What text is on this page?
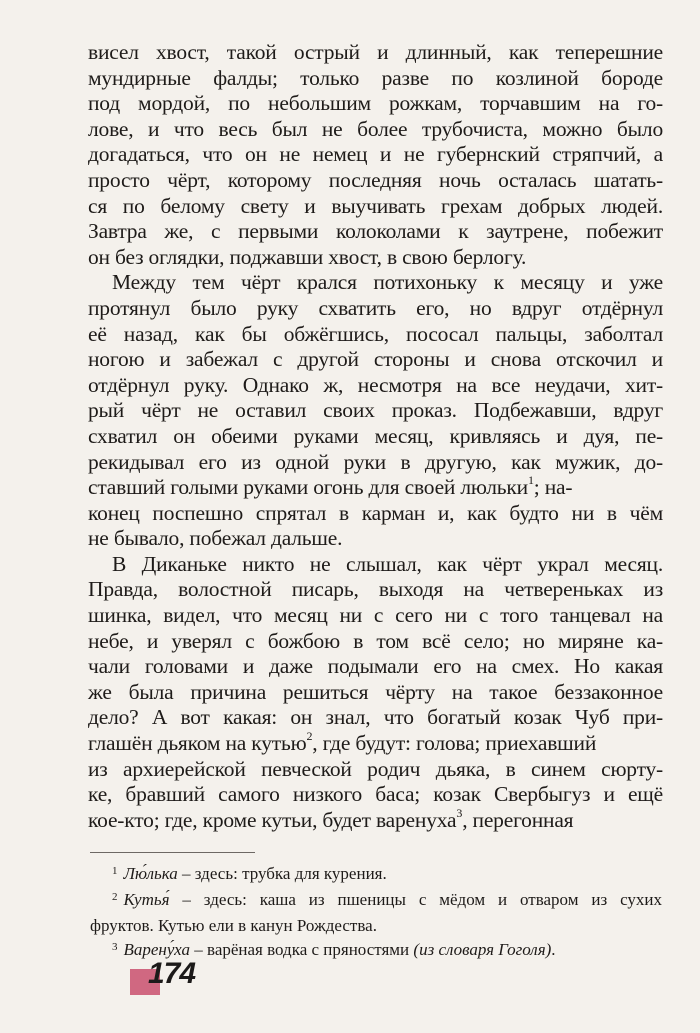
висел хвост, такой острый и длинный, как теперешние
мундирные фалды; только разве по козлиной бороде
под мордой, по небольшим рожкам, торчавшим на го-
лове, и что весь был не более трубочиста, можно было
догадаться, что он не немец и не губернский стряпчий, а
просто чёрт, которому последняя ночь осталась шатать-
ся по белому свету и выучивать грехам добрых людей.
Завтра же, с первыми колоколами к заутрене, побежит
он без оглядки, поджавши хвост, в свою берлогу.
Между тем чёрт крался потихоньку к месяцу и уже
протянул было руку схватить его, но вдруг отдёрнул
её назад, как бы обжёгшись, пососал пальцы, заболтал
ногою и забежал с другой стороны и снова отскочил и
отдёрнул руку. Однако ж, несмотря на все неудачи, хит-
рый чёрт не оставил своих проказ. Подбежавши, вдруг
схватил он обеими руками месяц, кривляясь и дуя, пе-
рекидывал его из одной руки в другую, как мужик, до-
ставший голыми руками огонь для своей люльки$^1$; на-
конец поспешно спрятал в карман и, как будто ни в чём
не бывало, побежал дальше.
В Диканьке никто не слышал, как чёрт украл месяц.
Правда, волостной писарь, выходя на четвереньках из
шинка, видел, что месяц ни с сего ни с того танцевал на
небе, и уверял с божбою в том всё село; но миряне ка-
чали головами и даже подымали его на смех. Но какая
же была причина решиться чёрту на такое беззаконное
дело? А вот какая: он знал, что богатый козак Чуб при-
глашён дьяком на кутью$^2$, где будут: голова; приехавший
из архиерейской певческой родич дьяка, в синем сюрту-
ке, бравший самого низкого баса; козак Свербыгуз и ещё
кое-кто; где, кроме кутьи, будет варенуха$^3$, перегонная
$^1$ Лю́лька – здесь: трубка для курения.
$^2$ Кутья́ – здесь: каша из пшеницы с мёдом и отваром из сухих
фруктов. Кутью ели в канун Рождества.
$^3$ Варену́ха – варёная водка с пряностями (из словаря Гоголя).
174
